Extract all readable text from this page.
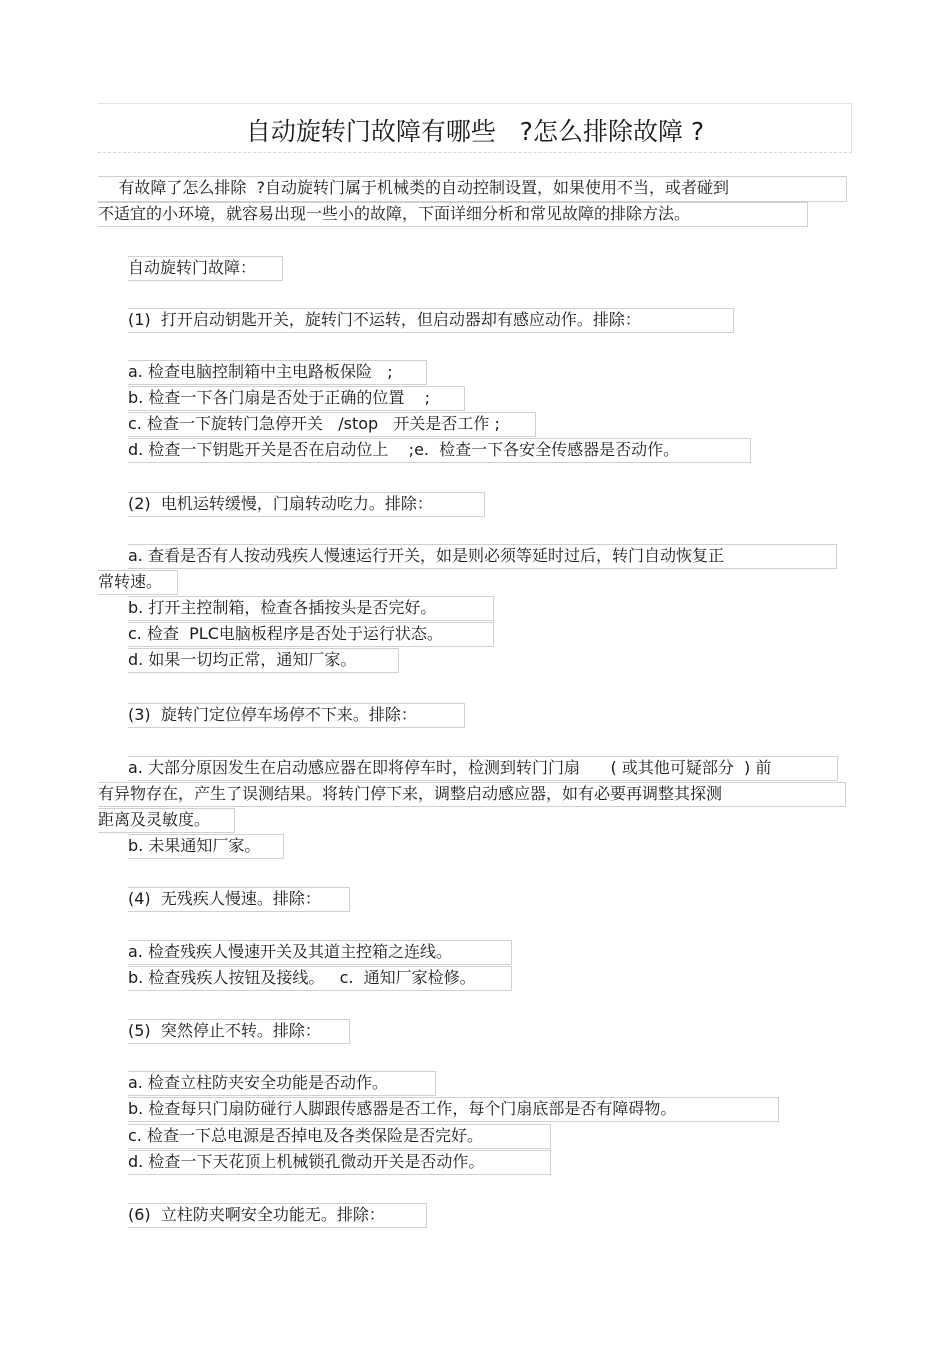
自动旋转门故障有哪些   ?怎么排除故障 ?
有故障了怎么排除  ?自动旋转门属于机械类的自动控制设置，如果使用不当，或者碰到
不适宜的小环境，就容易出现一些小的故障，下面详细分析和常见故障的排除方法。
自动旋转门故障：
(1)  打开启动钥匙开关，旋转门不运转，但启动器却有感应动作。排除：
a. 检查电脑控制箱中主电路板保险   ;
b. 检查一下各门扇是否处于正确的位置    ;
c. 检查一下旋转门急停开关   /stop   开关是否工作 ;
d. 检查一下钥匙开关是否在启动位上    ;e.  检查一下各安全传感器是否动作。
(2)  电机运转缓慢，门扇转动吃力。排除：
a. 查看是否有人按动残疾人慢速运行开关，如是则必须等延时过后，转门自动恢复正
常转速。
b. 打开主控制箱，检查各插按头是否完好。
c. 检查  PLC电脑板程序是否处于运行状态。
d. 如果一切均正常，通知厂家。
(3)  旋转门定位停车场停不下来。排除：
a. 大部分原因发生在启动感应器在即将停车时，检测到转门门扇      ( 或其他可疑部分  ) 前
有异物存在，产生了误测结果。将转门停下来，调整启动感应器，如有必要再调整其探测
距离及灵敏度。
b. 未果通知厂家。
(4)  无残疾人慢速。排除：
a. 检查残疾人慢速开关及其道主控箱之连线。
b. 检查残疾人按钮及接线。   c.  通知厂家检修。
(5)  突然停止不转。排除：
a. 检查立柱防夹安全功能是否动作。
b. 检查每只门扇防碰行人脚跟传感器是否工作，每个门扇底部是否有障碍物。
c. 检查一下总电源是否掉电及各类保险是否完好。
d. 检查一下天花顶上机械锁孔微动开关是否动作。
(6)  立柱防夹啊安全功能无。排除：
